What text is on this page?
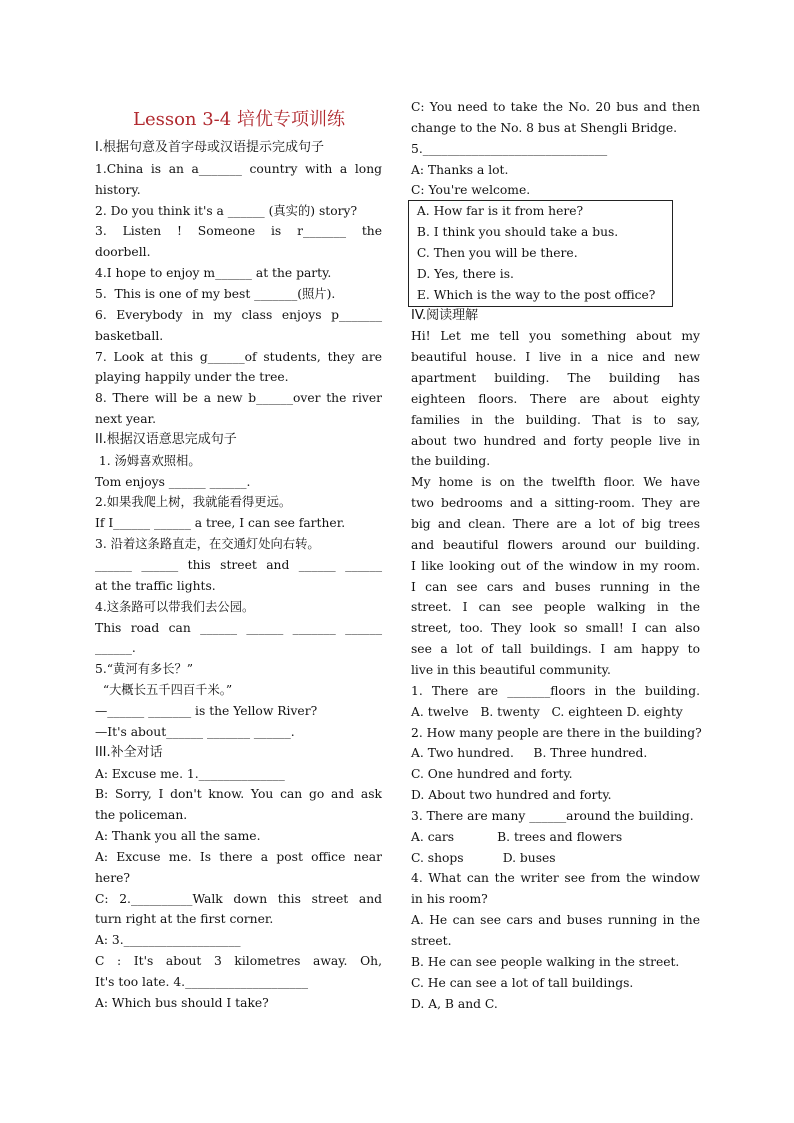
Lesson 3-4 培优专项训练
I.根据句意及首字母或汉语提示完成句子
1.China is an a_______ country with a long
history.
2. Do you think it's a ______ (真实的) story?
3. Listen ! Someone is r_______ the
doorbell.
4.I hope to enjoy m______ at the party.
5.  This is one of my best _______(照片).
6. Everybody in my class enjoys p_______
basketball.
7. Look at this g______of students, they are
playing happily under the tree.
8. There will be a new b______over the river
next year.
II.根据汉语意思完成句子
1. 汤姆喜欢照相。
Tom enjoys ______ ______.
2.如果我爬上树，我就能看得更远。
If I______ ______ a tree, I can see farther.
3. 沿着这条路直走，在交通灯处向右转。
______ ______ this street and ______ ______
at the traffic lights.
4.这条路可以带我们去公园。
This road can ______ ______ _______ ______
______.
5.“黄河有多长？”
“大概长五千四百千米。”
—______ _______ is the Yellow River?
—It's about______ _______ ______.
III.补全对话
A: Excuse me. 1.______________
B: Sorry, I don't know. You can go and ask
the policeman.
A: Thank you all the same.
A: Excuse me. Is there a post office near
here?
C: 2.__________Walk down this street and
turn right at the first corner.
A: 3.___________________
C : It's about 3 kilometres away. Oh,
It's too late. 4.____________________
A: Which bus should I take?
C: You need to take the No. 20 bus and then
change to the No. 8 bus at Shengli Bridge.
5.______________________________
A: Thanks a lot.
C: You're welcome.
A. How far is it from here?
B. I think you should take a bus.
C. Then you will be there.
D. Yes, there is.
E. Which is the way to the post office?
IV.阅读理解
Hi! Let me tell you something about my
beautiful house. I live in a nice and new
apartment building. The building has
eighteen floors. There are about eighty
families in the building. That is to say,
about two hundred and forty people live in
the building.
My home is on the twelfth floor. We have
two bedrooms and a sitting-room. They are
big and clean. There are a lot of big trees
and beautiful flowers around our building.
I like looking out of the window in my room.
I can see cars and buses running in the
street. I can see people walking in the
street, too. They look so small! I can also
see a lot of tall buildings. I am happy to
live in this beautiful community.
1. There are _______floors in the building.
A. twelve   B. twenty   C. eighteen D. eighty
2. How many people are there in the building?
A. Two hundred.     B. Three hundred.
C. One hundred and forty.
D. About two hundred and forty.
3. There are many ______around the building.
A. cars           B. trees and flowers
C. shops          D. buses
4. What can the writer see from the window
in his room?
A. He can see cars and buses running in the
street.
B. He can see people walking in the street.
C. He can see a lot of tall buildings.
D. A, B and C.
